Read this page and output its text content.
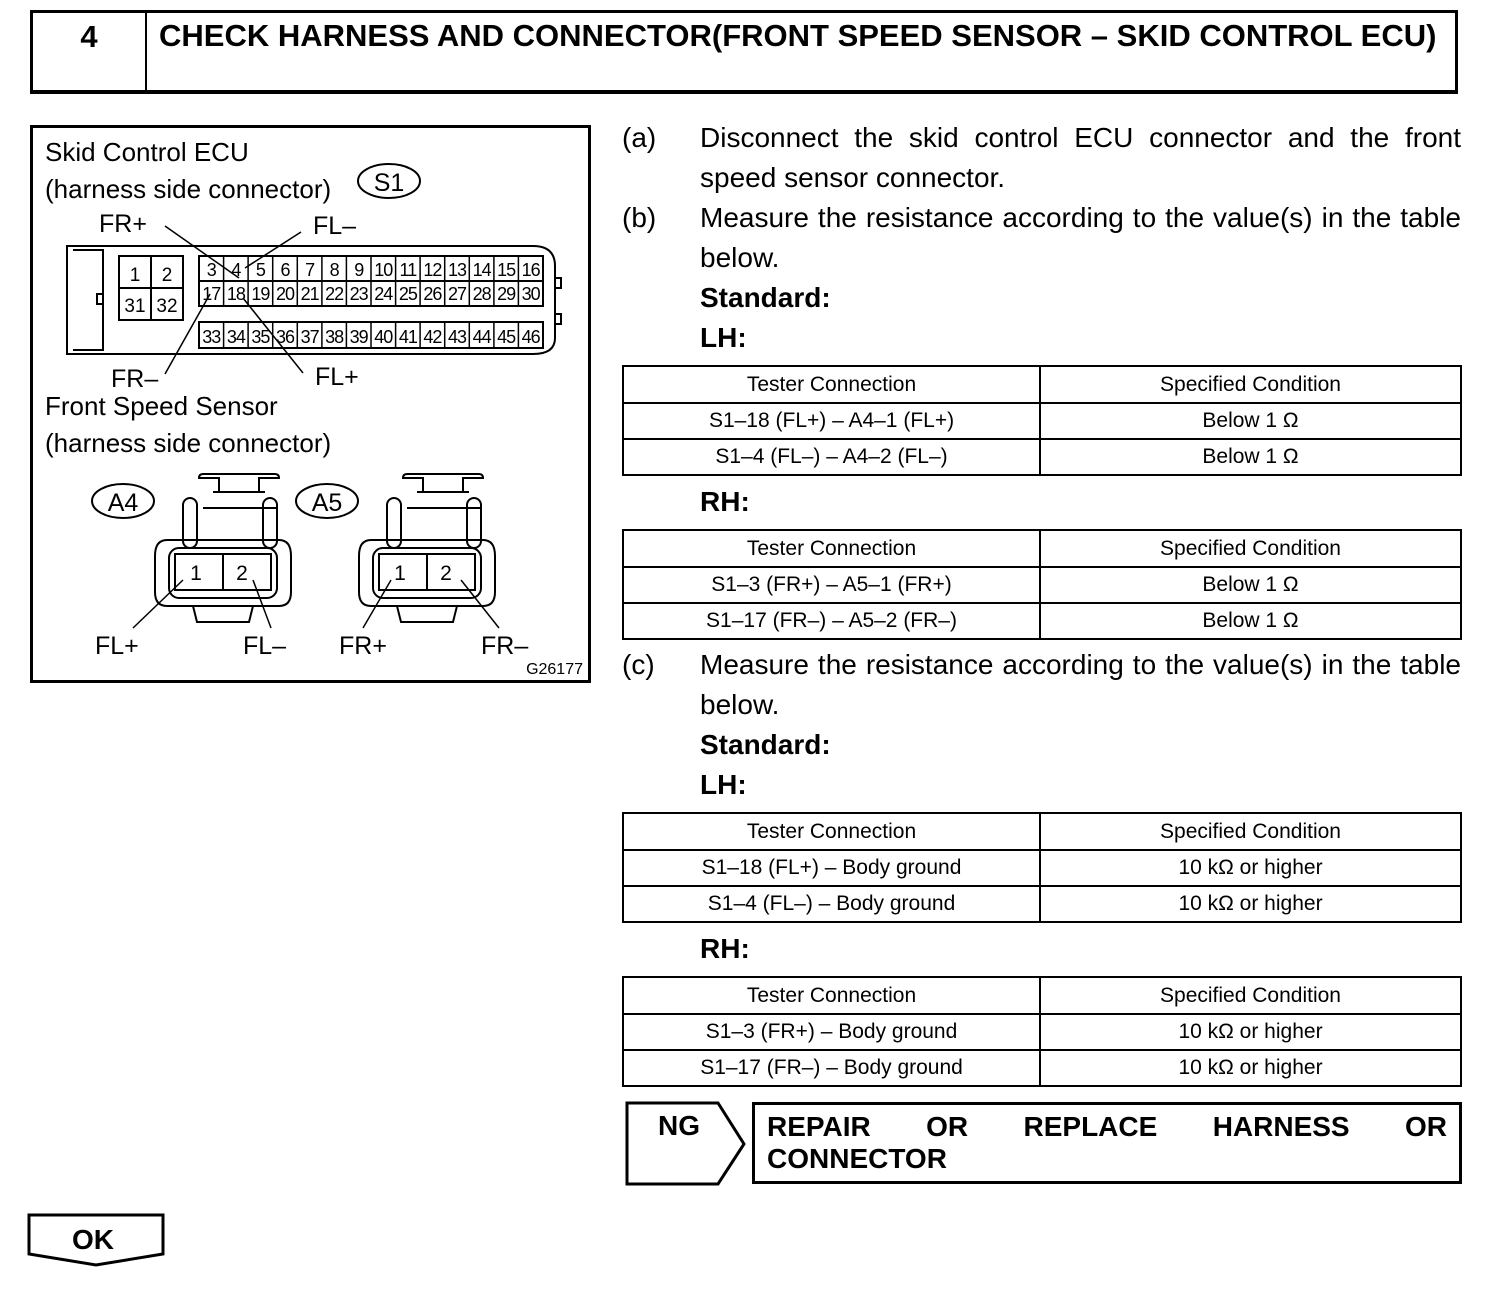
4	CHECK HARNESS AND CONNECTOR(FRONT SPEED SENSOR – SKID CONTROL ECU)
Skid Control ECU
(harness side connector) S1
FR+	FL–
FR–	FL+
1 2
31 32
3 4 5 6 7 8 9 10 11 12 13 14 15 16
17 18 19 20 21 22 23 24 25 26 27 28 29 30
33 34 35 36 37 38 39 40 41 42 43 44 45 46
Front Speed Sensor
(harness side connector)
A4
1 2
FL+	FL–
A5
1 2
FR+	FR–
G26177
(a) Disconnect the skid control ECU connector and the front speed sensor connector.
(b) Measure the resistance according to the value(s) in the table below.
Standard:
LH:
Tester Connection	Specified Condition
S1–18 (FL+) – A4–1 (FL+)	Below 1 Ω
S1–4 (FL–) – A4–2 (FL–)	Below 1 Ω
RH:
Tester Connection	Specified Condition
S1–3 (FR+) – A5–1 (FR+)	Below 1 Ω
S1–17 (FR–) – A5–2 (FR–)	Below 1 Ω
(c) Measure the resistance according to the value(s) in the table below.
Standard:
LH:
Tester Connection	Specified Condition
S1–18 (FL+) – Body ground	10 kΩ or higher
S1–4 (FL–) – Body ground	10 kΩ or higher
RH:
Tester Connection	Specified Condition
S1–3 (FR+) – Body ground	10 kΩ or higher
S1–17 (FR–) – Body ground	10 kΩ or higher
NG REPAIR OR REPLACE HARNESS OR
CONNECTOR
OK
